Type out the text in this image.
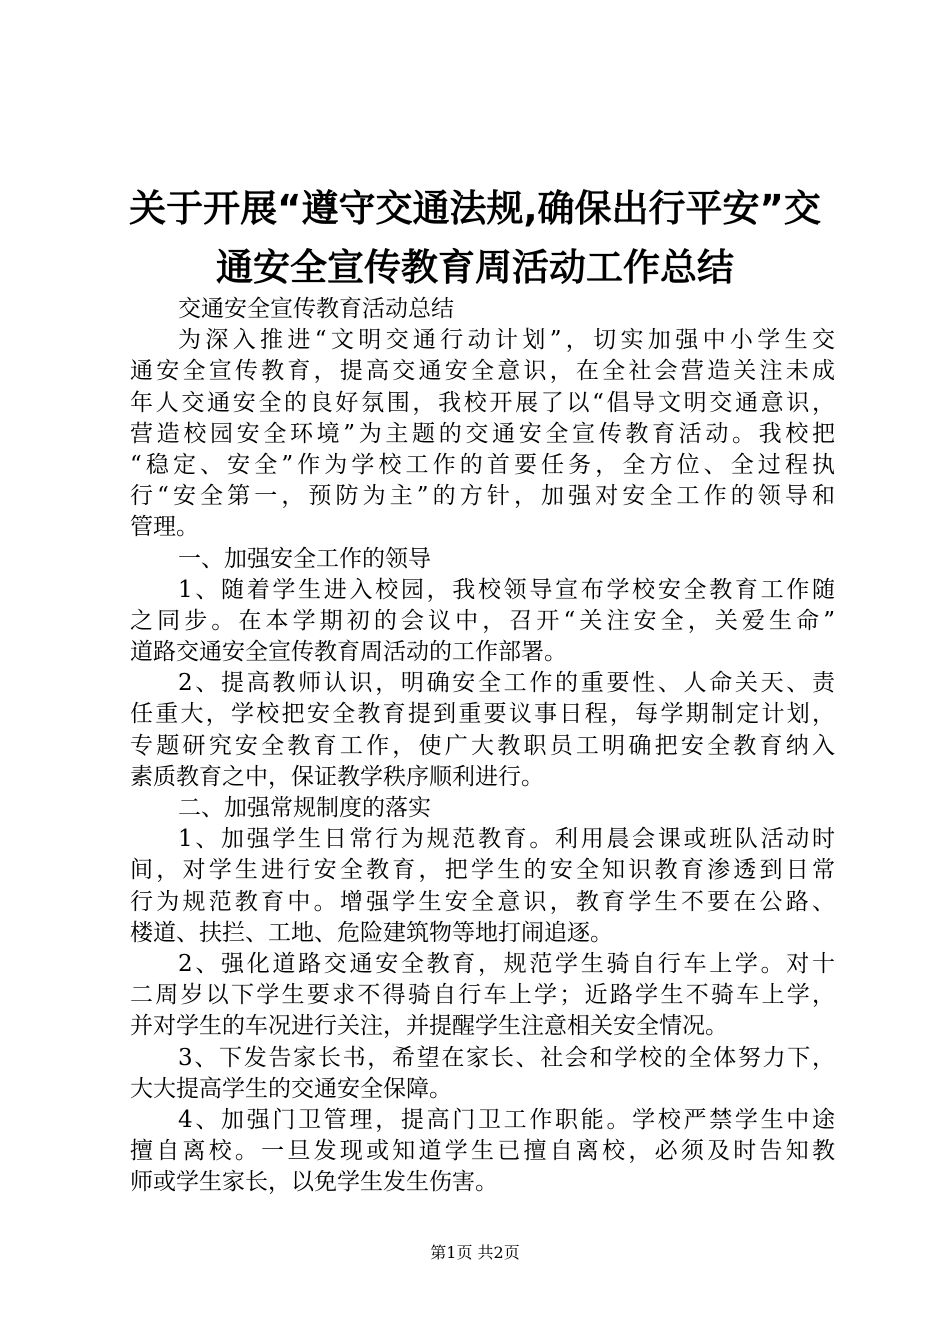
关于开展“遵守交通法规,确保出行平安”交
通安全宣传教育周活动工作总结
交通安全宣传教育活动总结
为深入推进“文明交通行动计划”，切实加强中小学生交
通安全宣传教育，提高交通安全意识，在全社会营造关注未成
年人交通安全的良好氛围，我校开展了以“倡导文明交通意识，
营造校园安全环境”为主题的交通安全宣传教育活动。我校把
“稳定、安全”作为学校工作的首要任务，全方位、全过程执
行“安全第一，预防为主”的方针，加强对安全工作的领导和
管理。
一、加强安全工作的领导
1、随着学生进入校园，我校领导宣布学校安全教育工作随
之同步。在本学期初的会议中，召开“关注安全，关爱生命”
道路交通安全宣传教育周活动的工作部署。
2、提高教师认识，明确安全工作的重要性、人命关天、责
任重大，学校把安全教育提到重要议事日程，每学期制定计划，
专题研究安全教育工作，使广大教职员工明确把安全教育纳入
素质教育之中，保证教学秩序顺利进行。
二、加强常规制度的落实
1、加强学生日常行为规范教育。利用晨会课或班队活动时
间，对学生进行安全教育，把学生的安全知识教育渗透到日常
行为规范教育中。增强学生安全意识，教育学生不要在公路、
楼道、扶拦、工地、危险建筑物等地打闹追逐。
2、强化道路交通安全教育，规范学生骑自行车上学。对十
二周岁以下学生要求不得骑自行车上学；近路学生不骑车上学，
并对学生的车况进行关注，并提醒学生注意相关安全情况。
3、下发告家长书，希望在家长、社会和学校的全体努力下，
大大提高学生的交通安全保障。
4、加强门卫管理，提高门卫工作职能。学校严禁学生中途
擅自离校。一旦发现或知道学生已擅自离校，必须及时告知教
师或学生家长，以免学生发生伤害。
第1页 共2页
